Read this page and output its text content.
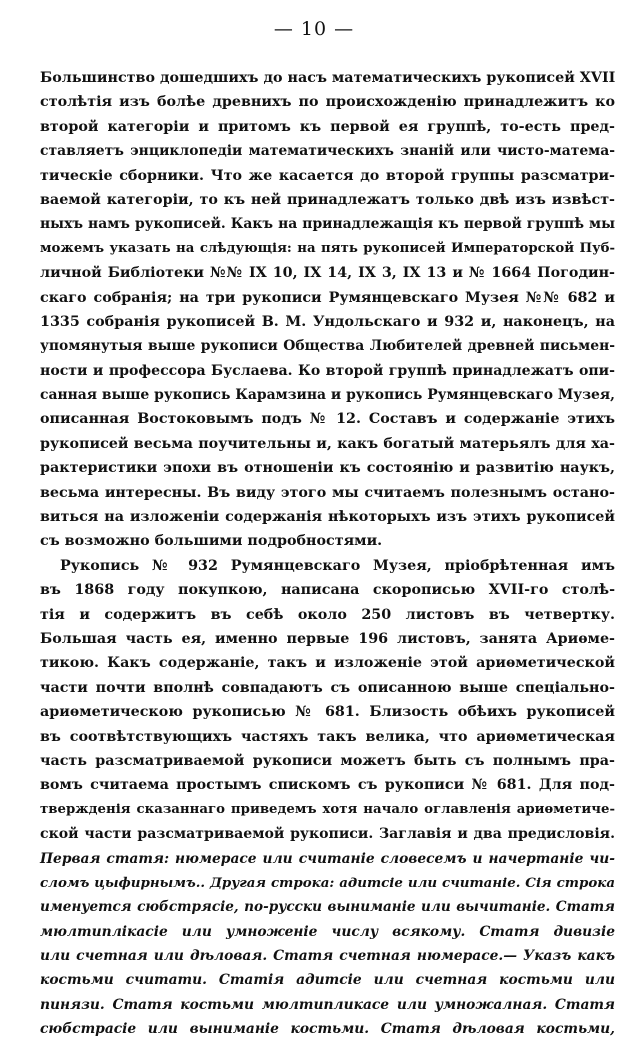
— 10 —
Большинство дошедшихъ до насъ математическихъ рукописей XVII
столѣтія изъ болѣе древнихъ по происхожденію принадлежитъ ко
второй категоріи и притомъ къ первой ея группѣ, то-есть пред-
ставляетъ энциклопедіи математическихъ знаній или чисто-матема-
тическіе сборники. Что же касается до второй группы разсматри-
ваемой категоріи, то къ ней принадлежатъ только двѣ изъ извѣст-
ныхъ намъ рукописей. Какъ на принадлежащія къ первой группѣ мы
можемъ указать на слѣдующія: на пять рукописей Императорской Пуб-
личной Библіотеки №№ IX 10, IX 14, IX 3, IX 13 и № 1664 Погодин-
скаго собранія; на три рукописи Румянцевскаго Музея №№ 682 и
1335 собранія рукописей В. М. Ундольскаго и 932 и, наконецъ, на
упомянутыя выше рукописи Общества Любителей древней письмен-
ности и профессора Буслаева. Ко второй группѣ принадлежатъ опи-
санная выше рукопись Карамзина и рукопись Румянцевскаго Музея,
описанная Востоковымъ подъ № 12. Составъ и содержаніе этихъ
рукописей весьма поучительны и, какъ богатый матерьялъ для ха-
рактеристики эпохи въ отношеніи къ состоянію и развитію наукъ,
весьма интересны. Въ виду этого мы считаемъ полезнымъ остано-
виться на изложеніи содержанія нѣкоторыхъ изъ этихъ рукописей
съ возможно большими подробностями.
Рукопись № 932 Румянцевскаго Музея, пріобрѣтенная имъ
въ 1868 году покупкою, написана скорописью XVII-го столѣ-
тія и содержитъ въ себѣ около 250 листовъ въ четвертку.
Большая часть ея, именно первые 196 листовъ, занята Ариѳме-
тикою. Какъ содержаніе, такъ и изложеніе этой ариѳметической
части почти вполнѣ совпадаютъ съ описанною выше спеціально-
ариѳметическою рукописью № 681. Близость обѣихъ рукописей
въ соотвѣтствующихъ частяхъ такъ велика, что ариѳметическая
часть разсматриваемой рукописи можетъ быть съ полнымъ пра-
вомъ считаема простымъ спискомъ съ рукописи № 681. Для под-
твержденія сказаннаго приведемъ хотя начало оглавленія ариѳметиче-
ской части разсматриваемой рукописи. Заглавія и два предисловія.
Первая статя: нюмерасе или считаніе словесемъ и начертаніе чи-
сломъ цыфирнымъ.. Другая строка: адитсіе или считаніе. Сія строка
именуется сюбстрясіе, по-русски выниманіе или вычитаніе. Статя
мюлтиплікасіе или умноженіе числу всякому. Статя дивизіе
или счетная или дѣловая. Статя счетная нюмерасе.— Указъ какъ
костьми считати. Статія адитсіе или счетная костьми или
пинязи. Статя костьми мюлтипликасе или умножалная. Статя
сюбстрасіе или выниманіе костьми. Статя дѣловая костьми,
